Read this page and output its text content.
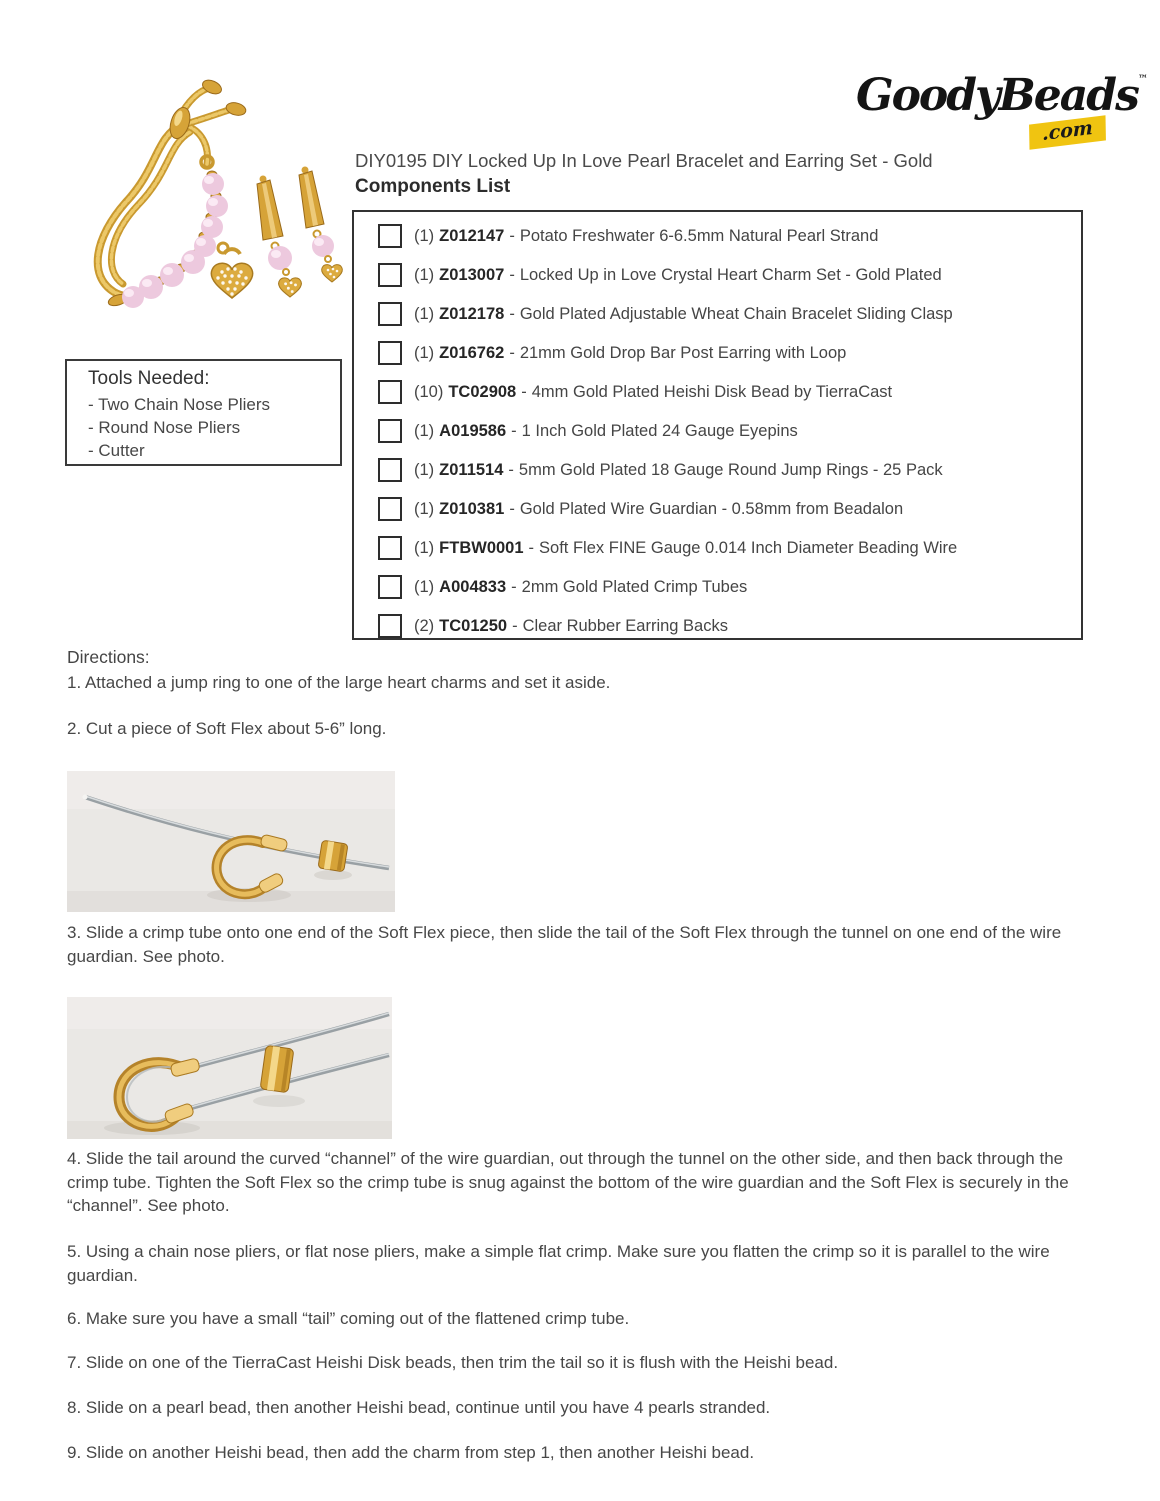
GoodyBeads™
.com
DIY0195 DIY Locked Up In Love Pearl Bracelet and Earring Set - Gold
Components List
(1) Z012147 - Potato Freshwater 6-6.5mm Natural Pearl Strand
(1) Z013007 - Locked Up in Love Crystal Heart Charm Set - Gold Plated
(1) Z012178 - Gold Plated Adjustable Wheat Chain Bracelet Sliding Clasp
(1) Z016762 - 21mm Gold Drop Bar Post Earring with Loop
(10) TC02908 - 4mm Gold Plated Heishi Disk Bead by TierraCast
(1) A019586 - 1 Inch Gold Plated 24 Gauge Eyepins
(1) Z011514 - 5mm Gold Plated 18 Gauge Round Jump Rings - 25 Pack
(1) Z010381 - Gold Plated Wire Guardian - 0.58mm from Beadalon
(1) FTBW0001 - Soft Flex FINE Gauge 0.014 Inch Diameter Beading Wire
(1) A004833 - 2mm Gold Plated Crimp Tubes
(2) TC01250 - Clear Rubber Earring Backs
Tools Needed:
- Two Chain Nose Pliers
- Round Nose Pliers
- Cutter
Directions:

1. Attached a jump ring to one of the large heart charms and set it aside.

2. Cut a piece of Soft Flex about 5-6” long.

3. Slide a crimp tube onto one end of the Soft Flex piece, then slide the tail of the Soft Flex through the tunnel on one end of the wire guardian. See photo.

4. Slide the tail around the curved “channel” of the wire guardian, out through the tunnel on the other side, and then back through the crimp tube. Tighten the Soft Flex so the crimp tube is snug against the bottom of the wire guardian and the Soft Flex is securely in the “channel”. See photo.

5. Using a chain nose pliers, or flat nose pliers, make a simple flat crimp. Make sure you flatten the crimp so it is parallel to the wire guardian.

6. Make sure you have a small “tail” coming out of the flattened crimp tube.

7. Slide on one of the TierraCast Heishi Disk beads, then trim the tail so it is flush with the Heishi bead.

8. Slide on a pearl bead, then another Heishi bead, continue until you have 4 pearls stranded.

9. Slide on another Heishi bead, then add the charm from step 1, then another Heishi bead.
